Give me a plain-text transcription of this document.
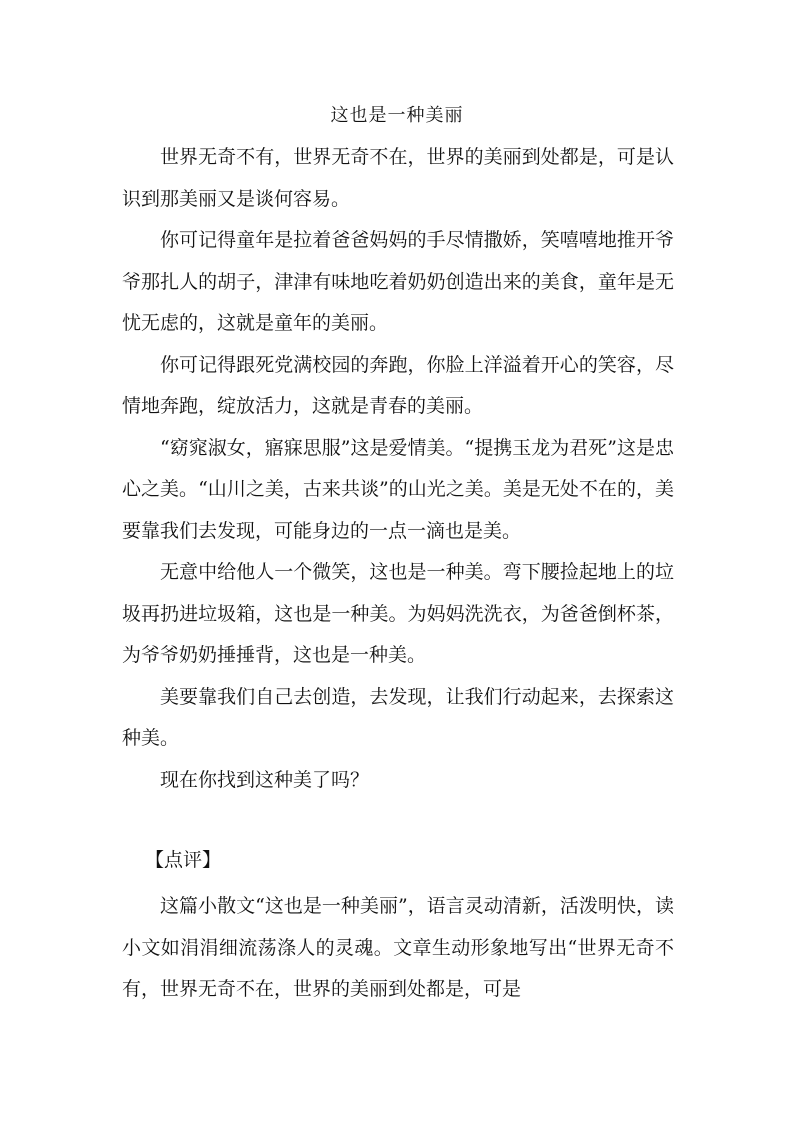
这也是一种美丽

世界无奇不有，世界无奇不在，世界的美丽到处都是，可是认识到那美丽又是谈何容易。

你可记得童年是拉着爸爸妈妈的手尽情撒娇，笑嘻嘻地推开爷爷那扎人的胡子，津津有味地吃着奶奶创造出来的美食，童年是无忧无虑的，这就是童年的美丽。

你可记得跟死党满校园的奔跑，你脸上洋溢着开心的笑容，尽情地奔跑，绽放活力，这就是青春的美丽。

“窈窕淑女，寤寐思服”这是爱情美。“提携玉龙为君死”这是忠心之美。“山川之美，古来共谈”的山光之美。美是无处不在的，美要靠我们去发现，可能身边的一点一滴也是美。

无意中给他人一个微笑，这也是一种美。弯下腰捡起地上的垃圾再扔进垃圾箱，这也是一种美。为妈妈洗洗衣，为爸爸倒杯茶，为爷爷奶奶捶捶背，这也是一种美。

美要靠我们自己去创造，去发现，让我们行动起来，去探索这种美。

现在你找到这种美了吗？

【点评】

这篇小散文“这也是一种美丽”，语言灵动清新，活泼明快，读小文如涓涓细流荡涤人的灵魂。文章生动形象地写出“世界无奇不有，世界无奇不在，世界的美丽到处都是，可是
